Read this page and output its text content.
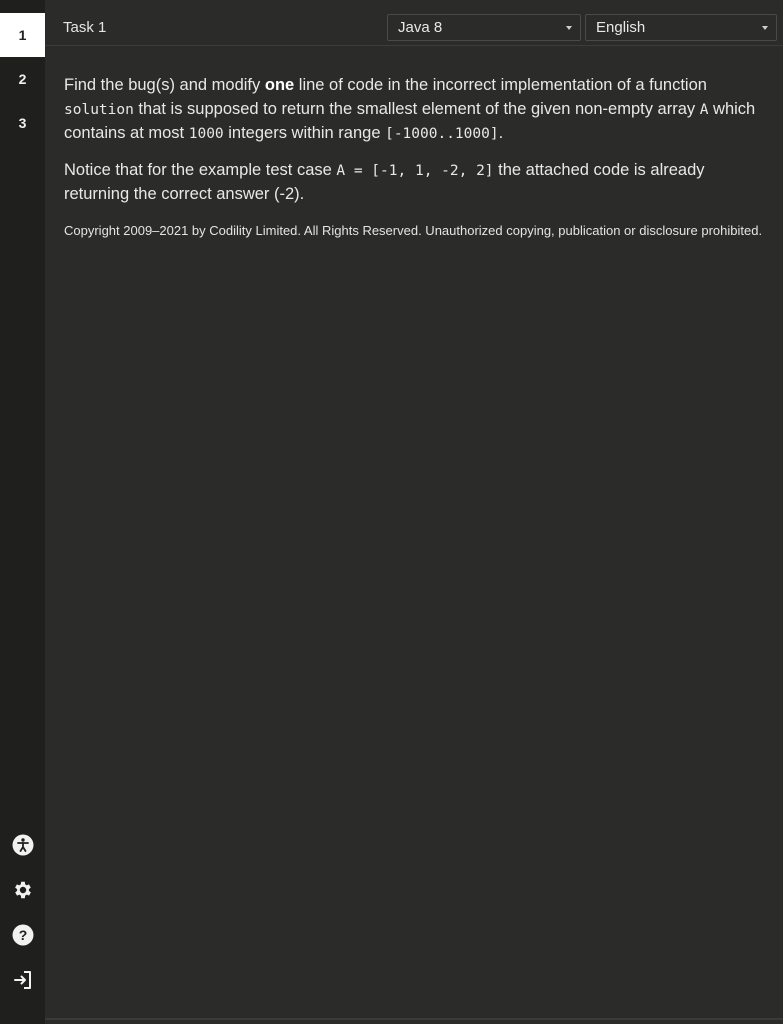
1
2
3
?
Task 1	Java 8	English

Find the bug(s) and modify one line of code in the incorrect implementation of a function solution that is supposed to return the smallest element of the given non-empty array A which contains at most 1000 integers within range [-1000..1000].

Notice that for the example test case A = [-1, 1, -2, 2] the attached code is already returning the correct answer (-2).

Copyright 2009–2021 by Codility Limited. All Rights Reserved. Unauthorized copying, publication or disclosure prohibited.
